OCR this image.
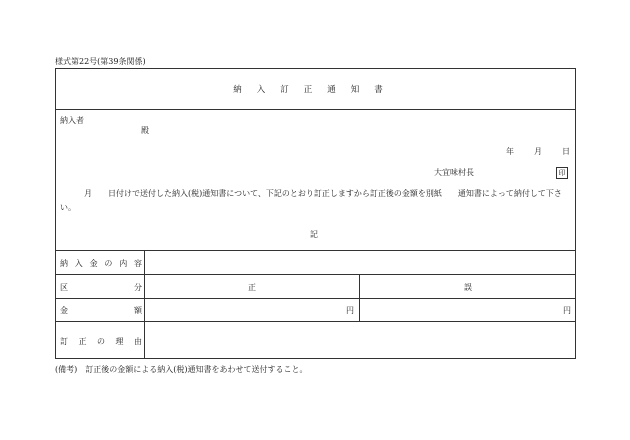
様式第22号(第39条関係)
納入訂正通知書
納入者
殿
年	月	日
大宜味村長	印
月　　日付けで送付した納入(税)通知書について、下記のとおり訂正しますから訂正後の金額を別紙　　通知書によって納付して下さい。
記
納入金の内容
区分	正	誤
金額	円	円
訂正の理由
(備考)　訂正後の金額による納入(税)通知書をあわせて送付すること。
